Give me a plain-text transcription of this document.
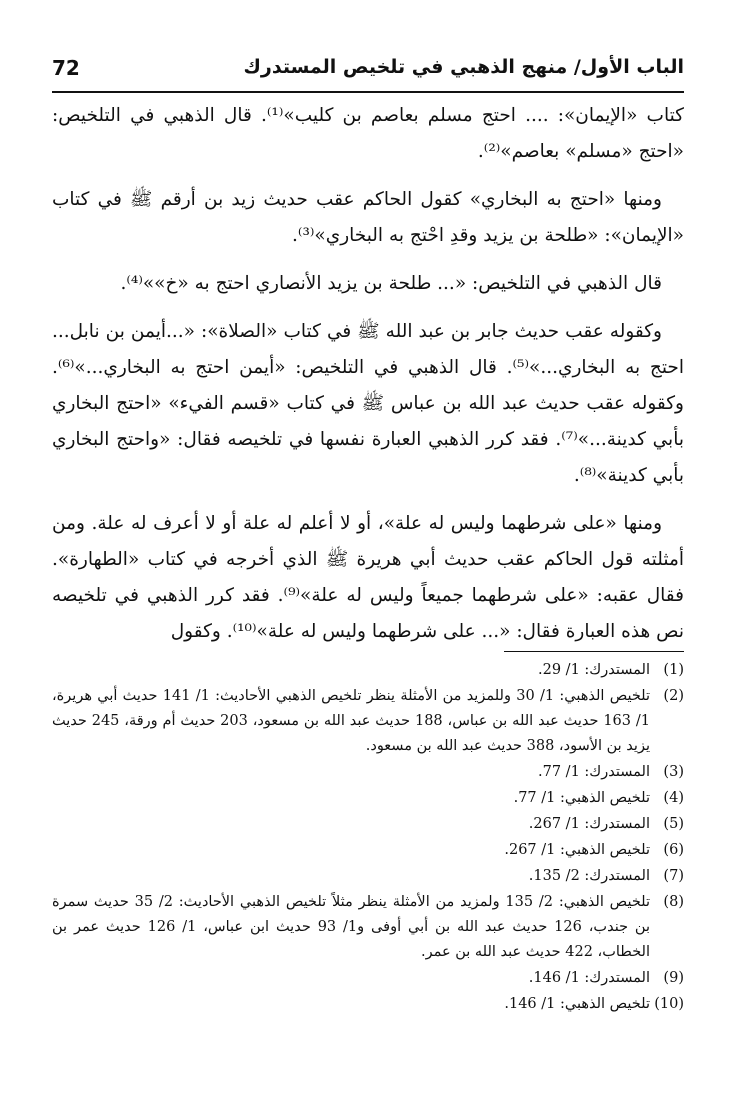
الباب الأول/ منهج الذهبي في تلخيص المستدرك
72

كتاب «الإيمان»: .... احتج مسلم بعاصم بن كليب»⁽¹⁾. قال الذهبي في التلخيص: «احتج «مسلم» بعاصم»⁽²⁾.

ومنها «احتج به البخاري» كقول الحاكم عقب حديث زيد بن أرقم ﷺ في كتاب «الإيمان»: «طلحة بن يزيد وقدِ احْتج به البخاري»⁽³⁾.

قال الذهبي في التلخيص: «... طلحة بن يزيد الأنصاري احتج به «خ»»⁽⁴⁾.

وكقوله عقب حديث جابر بن عبد الله ﷺ في كتاب «الصلاة»: «...أيمن بن نابل... احتج به البخاري...»⁽⁵⁾. قال الذهبي في التلخيص: «أيمن احتج به البخاري...»⁽⁶⁾. وكقوله عقب حديث عبد الله بن عباس ﷺ في كتاب «قسم الفيء» «احتج البخاري بأبي كدينة...»⁽⁷⁾. فقد كرر الذهبي العبارة نفسها في تلخيصه فقال: «واحتج البخاري بأبي كدينة»⁽⁸⁾.

ومنها «على شرطهما وليس له علة»، أو لا أعلم له علة أو لا أعرف له علة. ومن أمثلته قول الحاكم عقب حديث أبي هريرة ﷺ الذي أخرجه في كتاب «الطهارة». فقال عقبه: «على شرطهما جميعاً وليس له علة»⁽⁹⁾. فقد كرر الذهبي في تلخيصه نص هذه العبارة فقال: «... على شرطهما وليس له علة»⁽¹⁰⁾. وكقول

(1)
المستدرك: 1/ 29.
(2)
تلخيص الذهبي: 1/ 30 وللمزيد من الأمثلة ينظر تلخيص الذهبي الأحاديث: 1/ 141 حديث أبي هريرة، 1/ 163 حديث عبد الله بن عباس، 188 حديث عبد الله بن مسعود، 203 حديث أم ورقة، 245 حديث يزيد بن الأسود، 388 حديث عبد الله بن مسعود.
(3)
المستدرك: 1/ 77.
(4)
تلخيص الذهبي: 1/ 77.
(5)
المستدرك: 1/ 267.
(6)
تلخيص الذهبي: 1/ 267.
(7)
المستدرك: 2/ 135.
(8)
تلخيص الذهبي: 2/ 135 ولمزيد من الأمثلة ينظر مثلاً تلخيص الذهبي الأحاديث: 2/ 35 حديث سمرة بن جندب، 126 حديث عبد الله بن أبي أوفى و1/ 93 حديث ابن عباس، 1/ 126 حديث عمر بن الخطاب، 422 حديث عبد الله بن عمر.
(9)
المستدرك: 1/ 146.
(10)
تلخيص الذهبي: 1/ 146.
